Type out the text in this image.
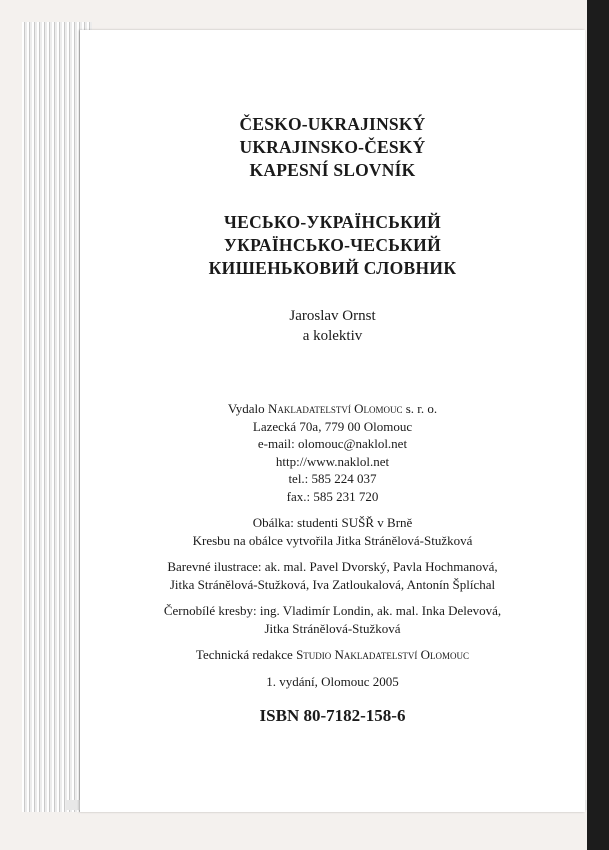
ČESKO-UKRAJINSKÝ
UKRAJINSKO-ČESKÝ
KAPESNÍ SLOVNÍK
ЧЕСЬКО-УКРАЇНСЬКИЙ
УКРАЇНСЬКО-ЧЕСЬКИЙ
КИШЕНЬКОВИЙ СЛОВНИК
Jaroslav Ornst
a kolektiv
Vydalo Nakladatelství Olomouc s. r. o.
Lazecká 70a, 779 00 Olomouc
e-mail: olomouc@naklol.net
http://www.naklol.net
tel.: 585 224 037
fax.: 585 231 720
Obálka: studenti SUŠŘ v Brně
Kresbu na obálce vytvořila Jitka Stránělová-Stužková
Barevné ilustrace: ak. mal. Pavel Dvorský, Pavla Hochmanová,
Jitka Stránělová-Stužková, Iva Zatloukalová, Antonín Šplíchal
Černobílé kresby: ing. Vladimír Londin, ak. mal. Inka Delevová,
Jitka Stránělová-Stužková
Technická redakce Studio Nakladatelství Olomouc
1. vydání, Olomouc 2005
ISBN 80-7182-158-6
